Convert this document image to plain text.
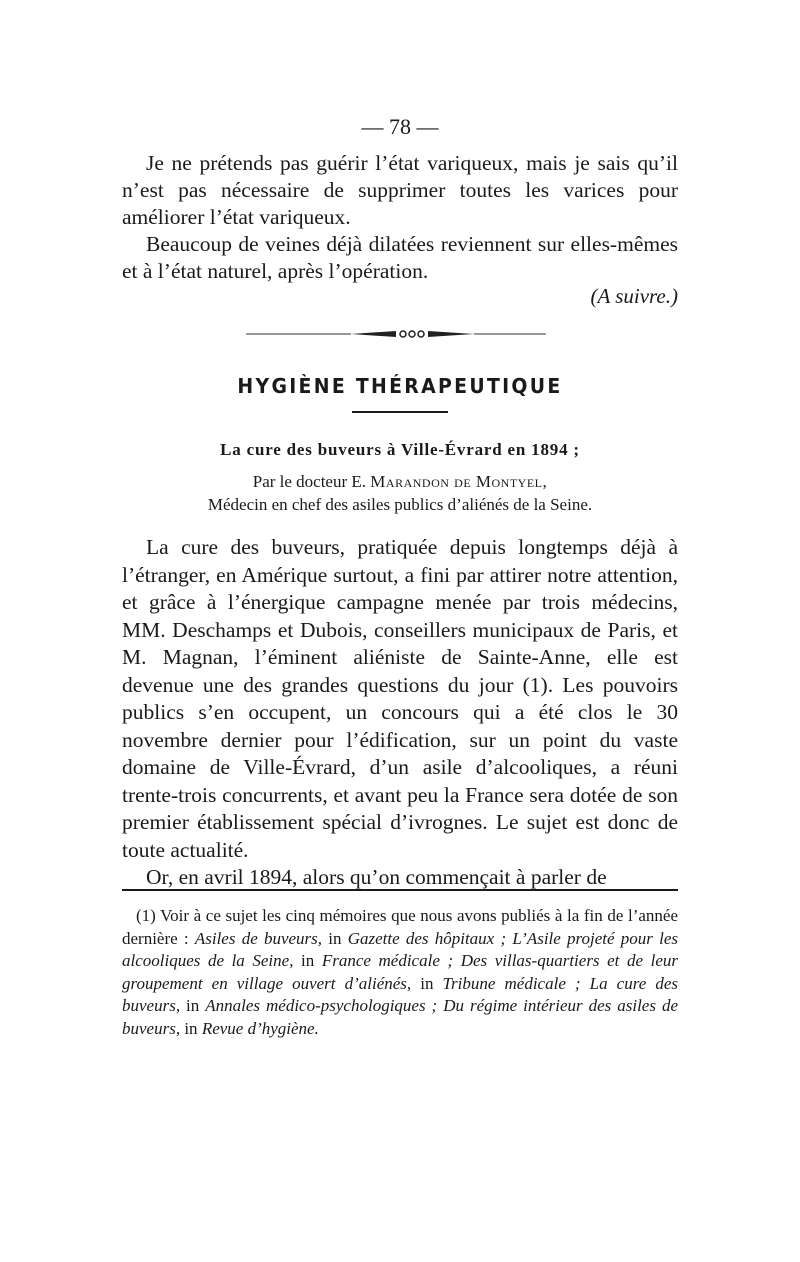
— 78 —

Je ne prétends pas guérir l’état variqueux, mais je sais qu’il n’est pas nécessaire de supprimer toutes les varices pour améliorer l’état variqueux.

Beaucoup de veines déjà dilatées reviennent sur elles-mêmes et à l’état naturel, après l’opération.

(A suivre.)
HYGIÈNE THÉRAPEUTIQUE
La cure des buveurs à Ville-Évrard en 1894 ;
Par le docteur E. Marandon de Montyel,
Médecin en chef des asiles publics d’aliénés de la Seine.

La cure des buveurs, pratiquée depuis longtemps déjà à l’étranger, en Amérique surtout, a fini par attirer notre attention, et grâce à l’énergique campagne menée par trois médecins, MM. Deschamps et Dubois, conseillers municipaux de Paris, et M. Magnan, l’éminent aliéniste de Sainte-Anne, elle est devenue une des grandes questions du jour (1). Les pouvoirs publics s’en occupent, un concours qui a été clos le 30 novembre dernier pour l’édification, sur un point du vaste domaine de Ville-Évrard, d’un asile d’alcooliques, a réuni trente-trois concurrents, et avant peu la France sera dotée de son premier établissement spécial d’ivrognes. Le sujet est donc de toute actualité.

Or, en avril 1894, alors qu’on commençait à parler de

(1) Voir à ce sujet les cinq mémoires que nous avons publiés à la fin de l’année dernière : Asiles de buveurs, in Gazette des hôpitaux ; L’Asile projeté pour les alcooliques de la Seine, in France médicale ; Des villas-quartiers et de leur groupement en village ouvert d’aliénés, in Tribune médicale ; La cure des buveurs, in Annales médico-psychologiques ; Du régime intérieur des asiles de buveurs, in Revue d’hygiène.
